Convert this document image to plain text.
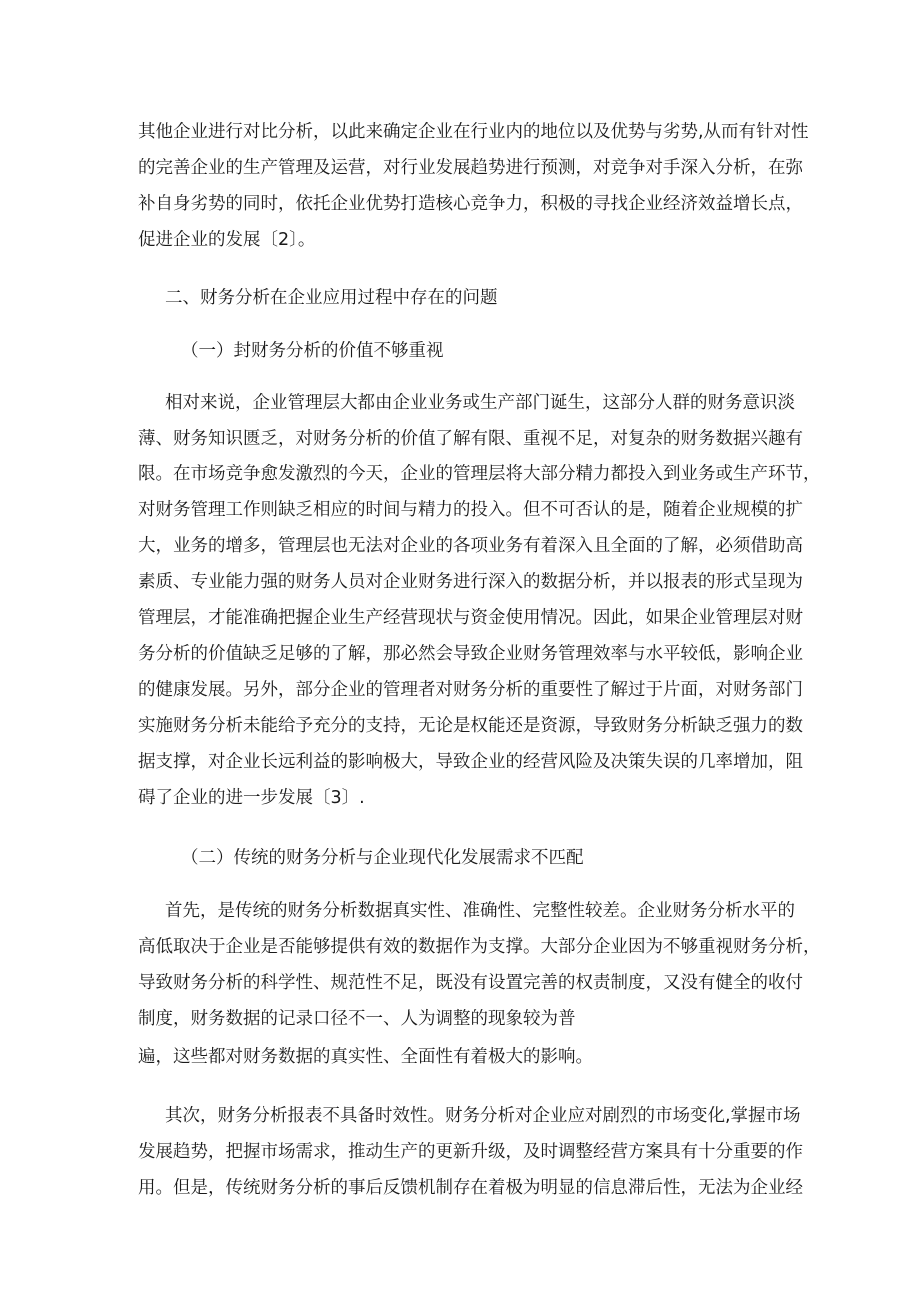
其他企业进行对比分析，以此来确定企业在行业内的地位以及优势与劣势,从而有针对性
的完善企业的生产管理及运营，对行业发展趋势进行预测，对竞争对手深入分析，在弥
补自身劣势的同时，依托企业优势打造核心竞争力，积极的寻找企业经济效益增长点，
促进企业的发展〔2〕。
二、财务分析在企业应用过程中存在的问题
（一）封财务分析的价值不够重视
相对来说，企业管理层大都由企业业务或生产部门诞生，这部分人群的财务意识淡
薄、财务知识匮乏，对财务分析的价值了解有限、重视不足，对复杂的财务数据兴趣有
限。在市场竞争愈发激烈的今天，企业的管理层将大部分精力都投入到业务或生产环节，
对财务管理工作则缺乏相应的时间与精力的投入。但不可否认的是，随着企业规模的扩
大，业务的增多，管理层也无法对企业的各项业务有着深入且全面的了解，必须借助高
素质、专业能力强的财务人员对企业财务进行深入的数据分析，并以报表的形式呈现为
管理层，才能准确把握企业生产经营现状与资金使用情况。因此，如果企业管理层对财
务分析的价值缺乏足够的了解，那必然会导致企业财务管理效率与水平较低，影响企业
的健康发展。另外，部分企业的管理者对财务分析的重要性了解过于片面，对财务部门
实施财务分析未能给予充分的支持，无论是权能还是资源，导致财务分析缺乏强力的数
据支撑，对企业长远利益的影响极大，导致企业的经营风险及决策失误的几率增加，阻
碍了企业的进一步发展〔3〕.
（二）传统的财务分析与企业现代化发展需求不匹配
首先，是传统的财务分析数据真实性、准确性、完整性较差。企业财务分析水平的
高低取决于企业是否能够提供有效的数据作为支撑。大部分企业因为不够重视财务分析，
导致财务分析的科学性、规范性不足，既没有设置完善的权责制度，又没有健全的收付
制度，财务数据的记录口径不一、人为调整的现象较为普
遍，这些都对财务数据的真实性、全面性有着极大的影响。
其次，财务分析报表不具备时效性。财务分析对企业应对剧烈的市场变化,掌握市场
发展趋势，把握市场需求，推动生产的更新升级，及时调整经营方案具有十分重要的作
用。但是，传统财务分析的事后反馈机制存在着极为明显的信息滞后性，无法为企业经
